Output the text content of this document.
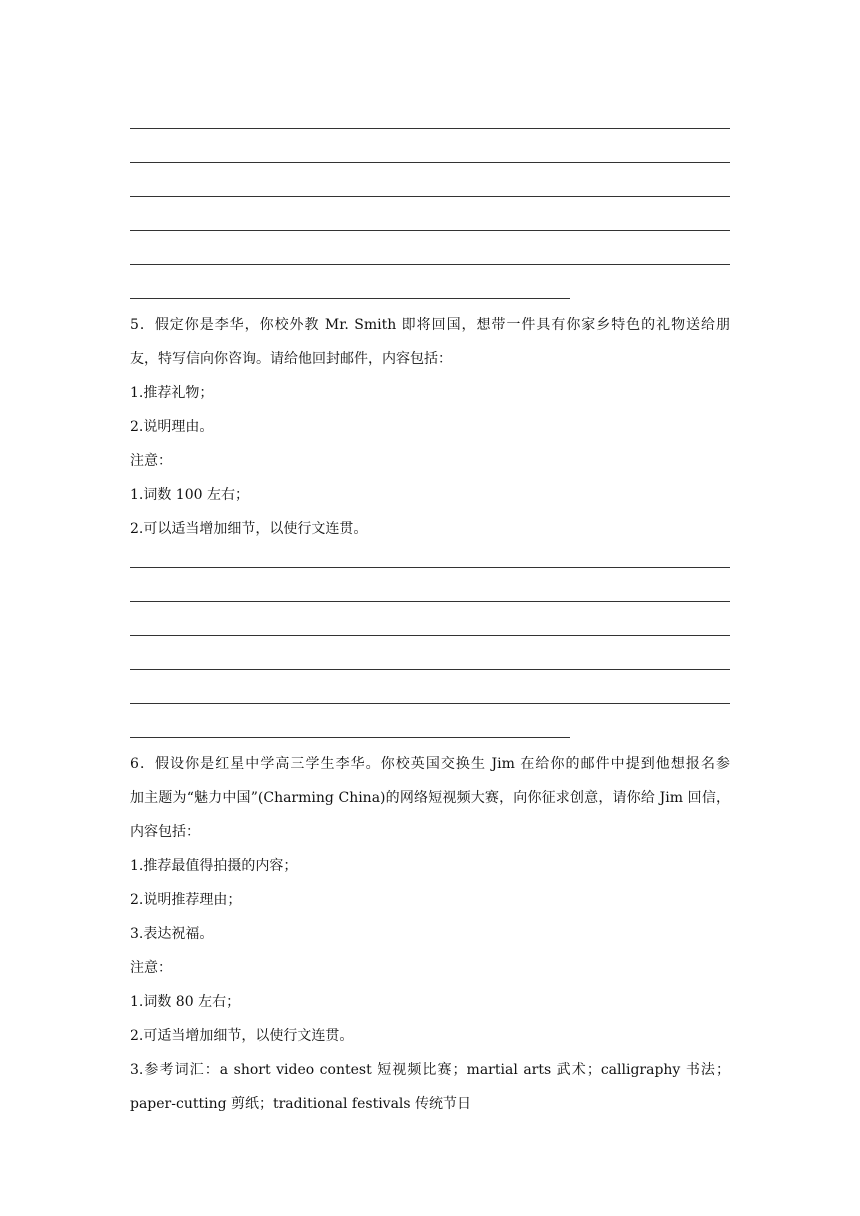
5．假定你是李华，你校外教 Mr. Smith 即将回国，想带一件具有你家乡特色的礼物送给朋
友，特写信向你咨询。请给他回封邮件，内容包括：
1.推荐礼物；
2.说明理由。
注意：
1.词数 100 左右；
2.可以适当增加细节，以使行文连贯。
6．假设你是红星中学高三学生李华。你校英国交换生 Jim 在给你的邮件中提到他想报名参
加主题为“魅力中国”(Charming China)的网络短视频大赛，向你征求创意，请你给 Jim 回信，
内容包括：
1.推荐最值得拍摄的内容；
2.说明推荐理由；
3.表达祝福。
注意：
1.词数 80 左右；
2.可适当增加细节，以使行文连贯。
3.参考词汇：a short video contest 短视频比赛；martial arts 武术；calligraphy 书法；
paper-cutting 剪纸；traditional festivals 传统节日
